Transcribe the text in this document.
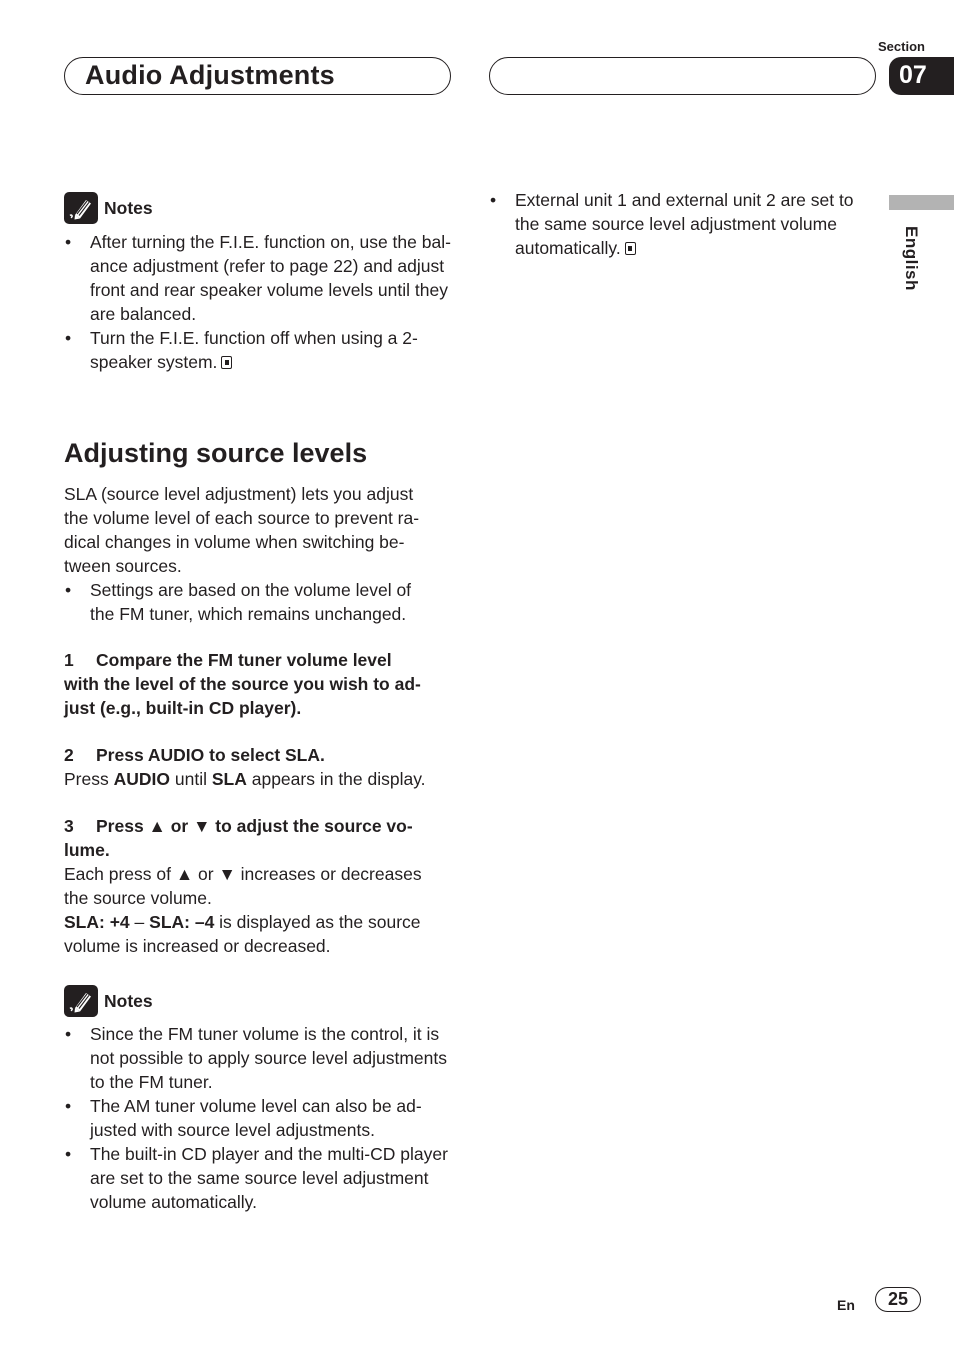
Audio Adjustments
Section
07
English
Notes
• After turning the F.I.E. function on, use the bal-
ance adjustment (refer to page 22) and adjust
front and rear speaker volume levels until they
are balanced.
• Turn the F.I.E. function off when using a 2-
speaker system.
Adjusting source levels
SLA (source level adjustment) lets you adjust
the volume level of each source to prevent ra-
dical changes in volume when switching be-
tween sources.
• Settings are based on the volume level of
the FM tuner, which remains unchanged.
1 Compare the FM tuner volume level
with the level of the source you wish to ad-
just (e.g., built-in CD player).
2 Press AUDIO to select SLA.
Press AUDIO until SLA appears in the display.
3 Press ▲ or ▼ to adjust the source vo-
lume.
Each press of ▲ or ▼ increases or decreases
the source volume.
SLA: +4 – SLA: –4 is displayed as the source
volume is increased or decreased.
Notes
• Since the FM tuner volume is the control, it is
not possible to apply source level adjustments
to the FM tuner.
• The AM tuner volume level can also be ad-
justed with source level adjustments.
• The built-in CD player and the multi-CD player
are set to the same source level adjustment
volume automatically.
• External unit 1 and external unit 2 are set to
the same source level adjustment volume
automatically.
En	25
